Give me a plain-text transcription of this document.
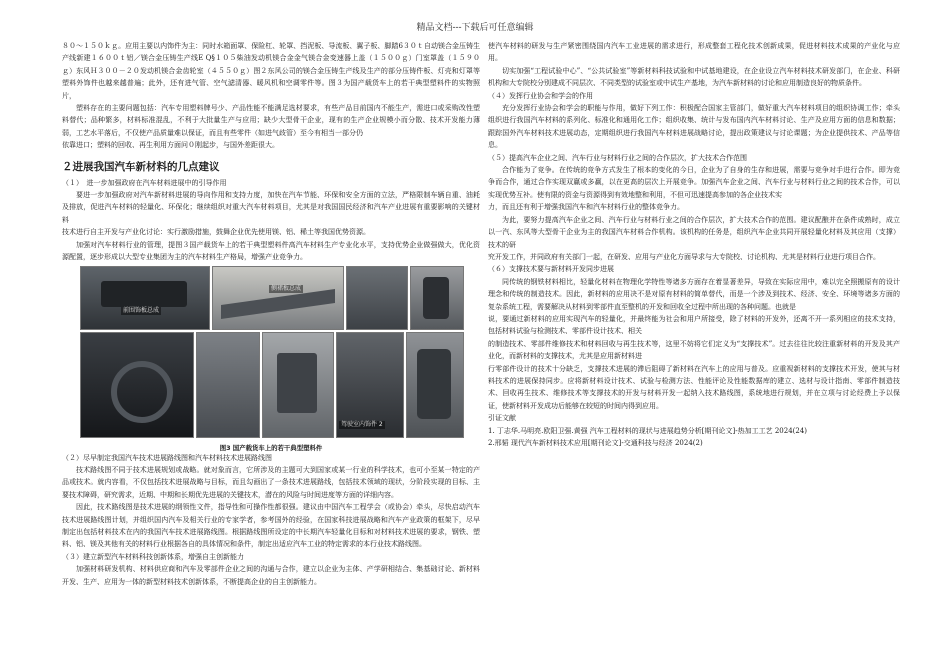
精品文档---下载后可任意编辑

８０～１５０ｋｇ。应用主要以内饰件为主：同时水箱面罩、保险杠、轮罩、挡泥板、导流板、翼子板、脚踏6３０ｔ自动镁合金压铸生产线新建１６００ｔ铝／镁合金压铸生产线E Q§１０５柴油发动机镁合金金气镁合金变速器上盖（１５００ｇ）门室罩盖（１５９０ｇ）东风Ｈ３００－２０发动机镁合金齿轮室（４５５０ｇ）图２东风公司的镁合金压铸生产线及生产的部分压铸件板、灯壳和灯罩等塑料外饰件也越来越普遍；此外，还有进气管、空气滤清器、暖风机和空调零件等。图３为国产载货车上的若干典型塑料件的实物照片，

塑料存在的主要问题包括：汽车专用塑料牌号少、产品性能不能满足选材要求，有些产品目前国内不能生产，需进口或采购改性塑料替代；品种繁多，材料标准混乱，不利于大批量生产与应用；缺少大型骨干企业，现有的生产企业规模小而分散、技术开发能力薄弱，工艺水平落后，不仅使产品质量难以保证，而且有些零件（如进气歧管）至今有相当一部分仍

依靠进口；塑料的回收、再生利用方面问０刚起步，与国外差距很大。

２进展我国汽车新材料的几点建议

（１）　进一步加强政府在汽车材料进展中的引导作用

要进一步加强政府对汽车新材料进展的导向作用和支持力度，加快在汽车节能、环保和安全方面的立法，严格限制车辆自重、油耗及排放，促进汽车材料的轻量化、环保化；继续组织对重大汽车材料项目，尤其是对我国国民经济和汽车产业进展有重要影响的关键材料

技术进行自主开发与产业化讨论：实行激励措施，鼓舞企业优先使用镁、铝、稀土等我国优势资源。

加强对汽车材料行业的管理，提图３国产载货车上的若干典型塑料件高汽车材料生产专业化水平，支持优势企业做强做大，优化资源配置，逐步形成以大型专业集团为主的汽车材料生产格局，增强产业竞争力。

前围饰板总成
侧裙板总成
驾驶室内饰件 2
图3 国产载货车上的若干典型塑料件

（２）尽早制定我国汽车技术进展路线图和汽车材料技术进展路线图

技术路线图不同于技术进展规划或战略。就对象而言，它所涉及的主题可大到国家或某一行业的科学技术，也可小至某一特定的产品或技术。就内容看，不仅包括技术进展战略与目标，而且勾画出了一条技术进展路线，包括技术领域的现状，分阶段实现的目标、主要技术障碍，研究需求，近期、中期和长期优先进展的关键技术，潜在的风险与时间进度等方面的详细内容。

因此，技术路线图是技术进展的纲领性文件，指导性和可操作性都很强。建议由中国汽车工程学会（或协会）牵头，尽快启动汽车技术进展路线图计划，并组织国内汽车及相关行业的专家学者，参考国外的经验，在国家科技进展战略和汽车产业政策的框架下，尽早制定出包括材料技术在内的我国汽车技术进展路线图。根据路线图所设定的中长期汽车轻量化目标和对材料技术进展的要求，钢铁、塑料、铝、镁及其他有关的材料行业根据各自的具体情况和条件，制定出适应汽车工业的特定需求的本行业技术路线图。

（３）建立新型汽车材料科技创新体系，增强自主创新能力

加强材料研发机构、材料供应商和汽车及零部件企业之间的沟通与合作，建立以企业为主体、产学研相结合、集基础讨论、新材料开发、生产、应用为一体的新型材料技术创新体系，不断提高企业的自主创新能力。

使汽车材料的研发与生产紧密围绕国内汽车工业进展的需求进行，形成整套工程化技术创新成果，促进材料技术成果的产业化与应用。

切实加强“工程试验中心”、“公共试验室”等新材料科技试验和中试基地建设，在企业设立汽车材料技术研发部门，在企业、科研机构和大专院校分别建成不同层次、不同类型的试验室或中试生产基地，为汽车新材料的讨论和应用制造良好的物质条件。

（４）发挥行业协会和学会的作用

充分发挥行业协会和学会的职能与作用，做好下列工作：积极配合国家主管部门，做好重大汽车材料项目的组织协调工作；牵头组织进行我国汽车材料的系列化、标准化和通用化工作；组织收集、统计与发布国内汽车材料讨论、生产及应用方面的信息和数据；跟踪国外汽车材料技术进展动态，定期组织进行我国汽车材料进展战略讨论，提出政策建议与讨论课题；为企业提供技术、产品等信息。

（５）提高汽车企业之间、汽车行业与材料行业之间的合作层次，扩大技术合作范围

合作能为了竞争。在传统的竞争方式发生了根本的变化的今日，企业为了自身的生存和进展，需要与竞争对手进行合作。即为竞争而合作，通过合作实现双赢或多赢，以在更高的层次上开展竞争。加强汽车企业之间、汽车行业与材料行业之间的技术合作，可以实现优势互补。使有限的资金与资源得到有效地整和利用，不但可迅速提高参加的各企业技术实

力，而且还有利于增强我国汽车和汽车材料行业的整体竞争力。

为此，要努力提高汽车企业之间、汽车行业与材料行业之间的合作层次，扩大技术合作的范围。建议配酿并在条件成熟时，成立以一汽、东风等大型骨干企业为主的我国汽车材料合作机构。该机构的任务是，组织汽车企业共同开展轻量化材料及其应用（支撑）技术的研

究开发工作，并同政府有关部门一起，在研发、应用与产业化方面导求与大专院校、讨论机构、尤其是材料行业进行项目合作。

（６）支撑技术要与新材料开发同步进展

同传统的钢铁材料相比，轻量化材料在物理化学特性等诸多方面存在着显著差异，导致在实际应用中，难以完全照搬原有的设计理念和传统的制造技术。因此，新材料的应用决不是对原有材料的简单替代，而是一个涉及到技术、经济、安全、环境等诸多方面的复杂系统工程，需要解决从材料到零部件直至整机的开发和回收全过程中所出现的各种问题。也就是

说，要通过新材料的应用实现汽车的轻量化，并最终能为社会和用户所接受，除了材料的开发外，还离不开一系列相应的技术支持，包括材料试验与检测技术、零部件设计技术、相关

的制造技术、零部件维修技术和材料回收与再生技术等，这里不妨将它们定义为“支撑技术”。过去往往比较注重新材料的开发及其产业化，而新材料的支撑技术，尤其是应用新材料进

行零部件设计的技术十分缺乏，支撑技术进展的滞后阻碍了新材料在汽车上的应用与普及。应重视新材料的支撑技术开发，使其与材料技术的进展保持同步。应将新材料设计技术、试验与检测方法、性能评论及性能数据库的建立、选材与设计指南、零部件制造技术、回收再生技术、维修技术等支撑技术的开发与材料开发一起纳入技术路线图，系统地进行规划，并在立项与讨论经费上予以保证，使新材料开发成功后能够在较短的时间内得到应用。

引证文献

1. 丁志华.马明亮.欧阳卫强.黄强 汽车工程材料的现状与进展趋势分析[期刊论文]-热加工工艺 2024(24)

2.邢韬 现代汽车新材料技术应用[期刊论文]-交通科技与经济 2024(2)
